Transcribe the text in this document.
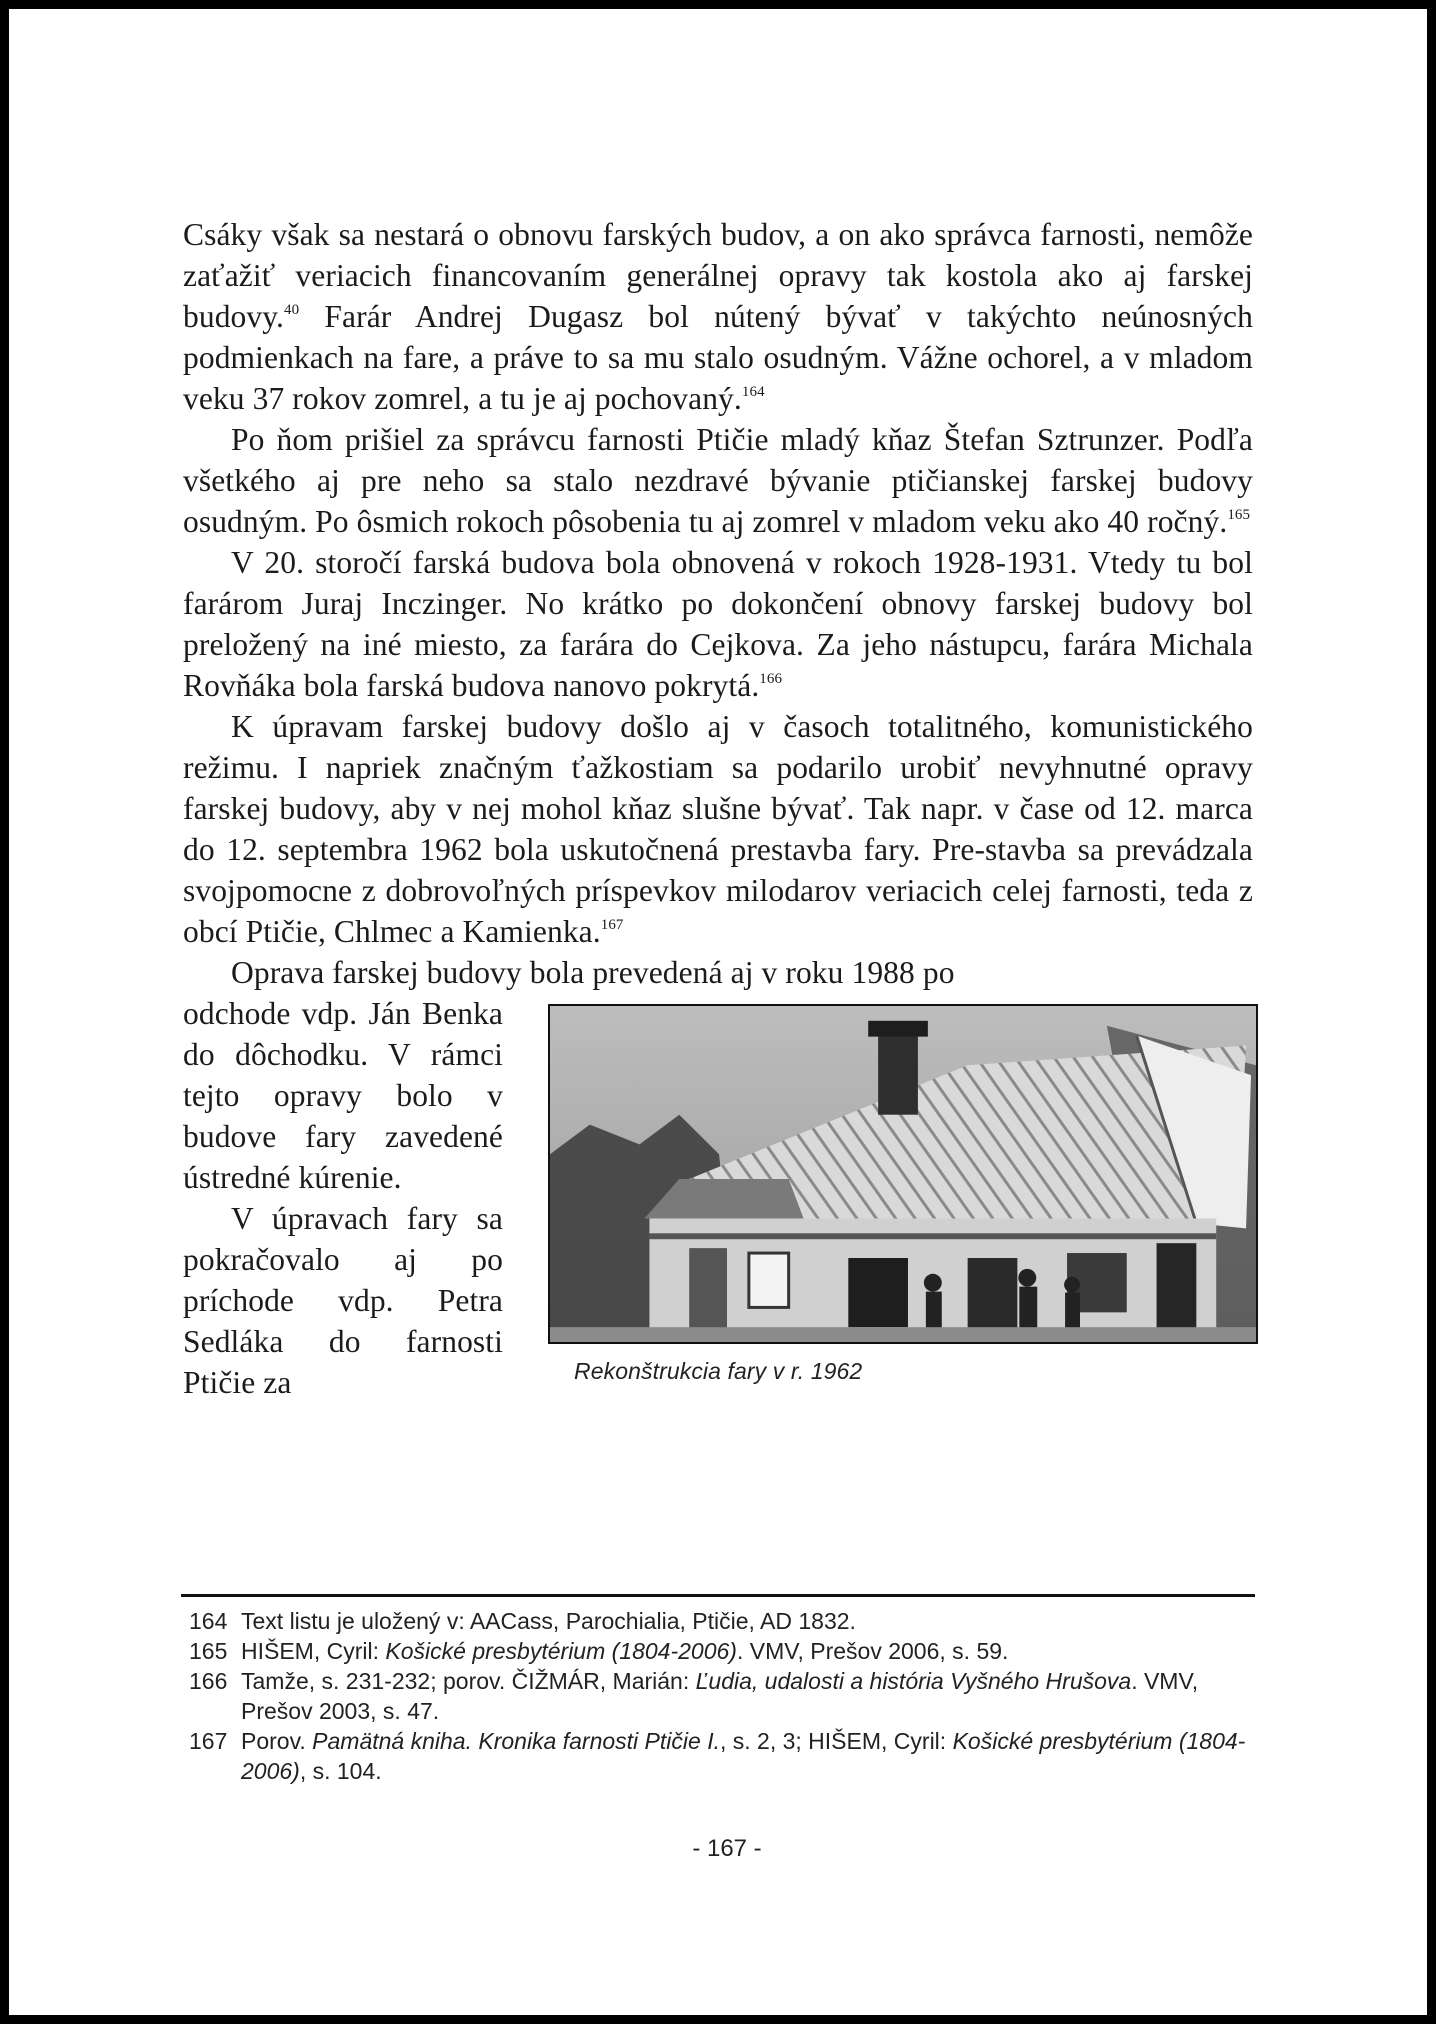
Csáky však sa nestará o obnovu farských budov, a on ako správca farnosti, nemôže zaťažiť veriacich financovaním generálnej opravy tak kostola ako aj farskej budovy.$^{40}$ Farár Andrej Dugasz bol nútený bývať v takýchto neúnosných podmienkach na fare, a práve to sa mu stalo osudným. Vážne ochorel, a v mladom veku 37 rokov zomrel, a tu je aj pochovaný.$^{164}$

Po ňom prišiel za správcu farnosti Ptičie mladý kňaz Štefan Sztrunzer. Podľa všetkého aj pre neho sa stalo nezdravé bývanie ptičianskej farskej budovy osudným. Po ôsmich rokoch pôsobenia tu aj zomrel v mladom veku ako 40 ročný.$^{165}$

V 20. storočí farská budova bola obnovená v rokoch 1928-1931. Vtedy tu bol farárom Juraj Inczinger. No krátko po dokončení obnovy farskej budovy bol preložený na iné miesto, za farára do Cejkova. Za jeho nástupcu, farára Michala Rovňáka bola farská budova nanovo pokrytá.$^{166}$

K úpravam farskej budovy došlo aj v časoch totalitného, komunistického režimu. I napriek značným ťažkostiam sa podarilo urobiť nevyhnutné opravy farskej budovy, aby v nej mohol kňaz slušne bývať. Tak napr. v čase od 12. marca do 12. septembra 1962 bola uskutočnená prestavba fary. Pre-stavba sa prevádzala svojpomocne z dobrovoľných príspevkov milodarov veriacich celej farnosti, teda z obcí Ptičie, Chlmec a Kamienka.$^{167}$

Oprava farskej budovy bola prevedená aj v roku 1988 po

odchode vdp. Ján Benka do dôchodku. V rámci tejto opravy bolo v budove fary zavedené ústredné kúrenie.

V úpravach fary sa pokračovalo aj po príchode vdp. Petra Sedláka do farnosti Ptičie za	Rekonštrukcia fary v r. 1962
164 Text listu je uložený v: AACass, Parochialia, Ptičie, AD 1832.
165 HIŠEM, Cyril: Košické presbytérium (1804-2006). VMV, Prešov 2006, s. 59.
166 Tamže, s. 231-232; porov. ČIŽMÁR, Marián: Ľudia, udalosti a história Vyšného Hrušova. VMV, Prešov 2003, s. 47.
167 Porov. Pamätná kniha. Kronika farnosti Ptičie I., s. 2, 3; HIŠEM, Cyril: Košické presbytérium (1804-2006), s. 104.
- 167 -
